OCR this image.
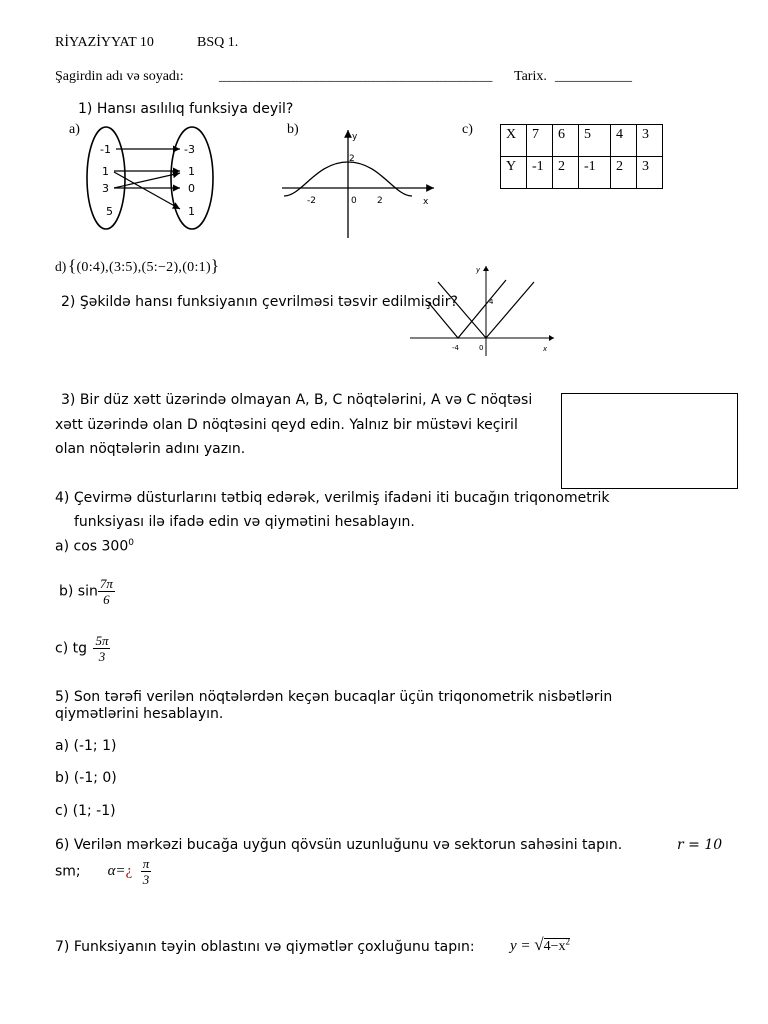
RİYAZİYYAT 10	BSQ 1.
Şagirdin adı və soyadı:	______________________________________ Tarix. ___________
1) Hansı asılılıq funksiya deyil?
a)	b)	c)
-1
1
3
5
-3
1
0
1
y
2
-2	0 2	x
X	7	6	5	4	3
Y	-1	2	-1	2	3
d) {(0:4),(3:5),(5:−2),(0:1)}	y
4
-4	0	x
2) Şəkildə hansı funksiyanın çevrilməsi təsvir edilmişdir?
3) Bir düz xətt üzərində olmayan A, B, C nöqtələrini, A və C nöqtəsi
xətt üzərində olan D nöqtəsini qeyd edin. Yalnız bir müstəvi keçiril
olan nöqtələrin adını yazın.
4) Çevirmə düsturlarını tətbiq edərək, verilmiş ifadəni iti bucağın triqonometrik
funksiyası ilə ifadə edin və qiymətini hesablayın.
a) $\cos 300^0$
b) $\sin \frac{7\pi}{6}$
c) tg $\frac{5\pi}{3}$
5) Son tərəfi verilən nöqtələrdən keçən bucaqlar üçün triqonometrik nisbətlərin
qiymətlərini hesablayın.
a) (-1; 1)
b) (-1; 0)
c) (1; -1)
6) Verilən mərkəzi bucağa uyğun qövsün uzunluğunu və sektorun sahəsini tapın.	r = 10
sm; α=¿ $\frac{\pi}{3}$
7) Funksiyanın təyin oblastını və qiymətlər çoxluğunu tapın: $y = √4-x^2$
